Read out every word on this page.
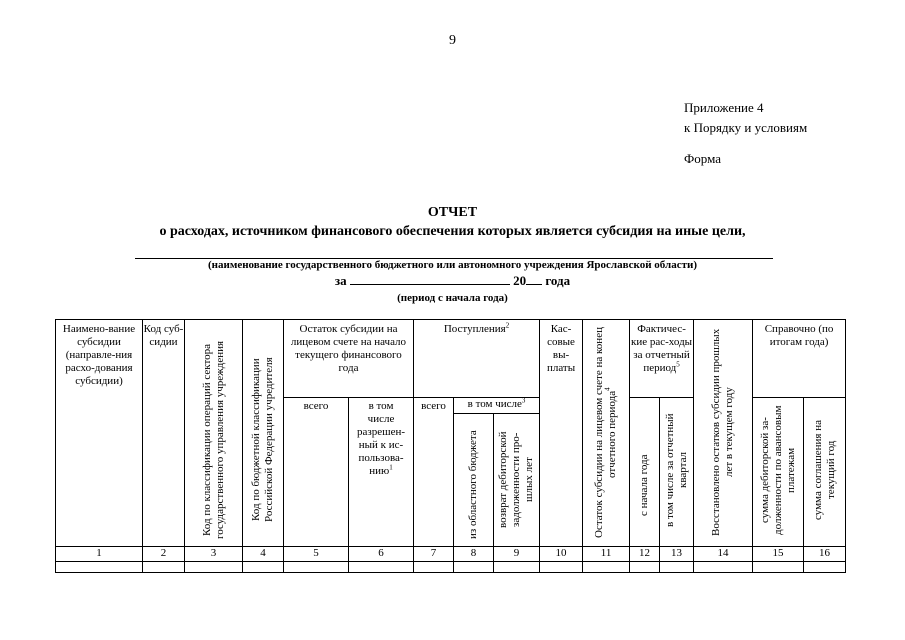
9
Приложение 4
к Порядку и условиям
Форма
ОТЧЕТ
о расходах, источником финансового обеспечения которых является субсидия на иные цели,
(наименование государственного бюджетного или автономного учреждения Ярославской области)
за	20 года
(период с начала года)
Наимено-вание субсидии (направле-ния расхо-дования субсидии)	Код суб-сидии	Код по классификации операций сектора государственного управления учреждения	Код по бюджетной классификации Российской Федерации учредителя	Остаток субсидии на лицевом счете на начало текущего финансового года		Поступления$^2$			Кас-совые вы-платы	Остаток субсидии на лицевом счете на конец отчетного периода$^4$	Фактичес-кие рас-ходы за отчетный период$^5$		Восстановлено остатков субсидии прошлых лет в текущем году	Справочно (по итогам года)	

				всего	в том числе разрешен-ный к ис-пользова-нию$^1$	всего	в том числе$^3$				с начала года	в том числе за отчетный квартал		сумма дебиторской за-долженности по авансовым платежам	сумма соглашения на текущий год
							из областного бюджета	возврат дебиторской задолженности про-шлых лет							
1	2	3	4	5	6	7	8	9	10	11	12	13	14	15	16
